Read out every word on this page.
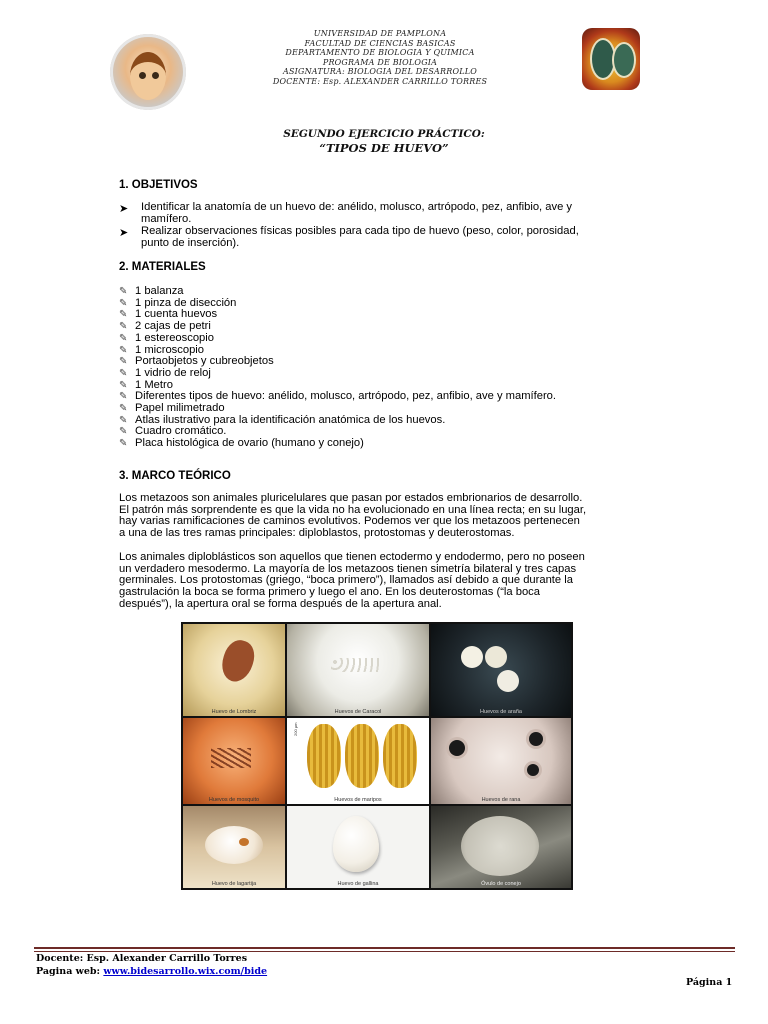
UNIVERSIDAD DE PAMPLONA
FACULTAD DE CIENCIAS BASICAS
DEPARTAMENTO DE BIOLOGIA Y QUIMICA
PROGRAMA DE BIOLOGIA
ASIGNATURA: BIOLOGIA DEL DESARROLLO
DOCENTE: Esp. ALEXANDER CARRILLO TORRES
SEGUNDO EJERCICIO PRÁCTICO:
“TIPOS DE HUEVO”
1. OBJETIVOS
➤ Identificar la anatomía de un huevo de: anélido, molusco, artrópodo, pez, anfibio, ave y
mamífero.
➤ Realizar observaciones físicas posibles para cada tipo de huevo (peso, color, porosidad,
punto de inserción).
2. MATERIALES
✎ 1 balanza
✎ 1 pinza de disección
✎ 1 cuenta huevos
✎ 2 cajas de petri
✎ 1 estereoscopio
✎ 1 microscopio
✎ Portaobjetos y cubreobjetos
✎ 1 vidrio de reloj
✎ 1 Metro
✎ Diferentes tipos de huevo: anélido, molusco, artrópodo, pez, anfibio, ave y mamífero.
✎ Papel milimetrado
✎ Atlas ilustrativo para la identificación anatómica de los huevos.
✎ Cuadro cromático.
✎ Placa histológica de ovario (humano y conejo)
3. MARCO TEÓRICO
Los metazoos son animales pluricelulares que pasan por estados embrionarios de desarrollo.
El patrón más sorprendente es que la vida no ha evolucionado en una línea recta; en su lugar,
hay varias ramificaciones de caminos evolutivos. Podemos ver que los metazoos pertenecen
a una de las tres ramas principales: diploblastos, protostomas y deuterostomas.
Los animales diploblásticos son aquellos que tienen ectodermo y endodermo, pero no poseen
un verdadero mesodermo. La mayoría de los metazoos tienen simetría bilateral y tres capas
germinales. Los protostomas (griego, “boca primero”), llamados así debido a que durante la
gastrulación la boca se forma primero y luego el ano. En los deuterostomas (“la boca
después”), la apertura oral se forma después de la apertura anal.
Huevo de Lombriz	Huevos de Caracol	Huevos de araña
Huevos de mosquito
200 µm
Huevos de maripos	Huevos de rana
Huevo de lagartija	Huevo de gallina	Óvulo de conejo
Docente: Esp. Alexander Carrillo Torres
Pagina web: www.bidesarrollo.wix.com/bide
Página 1
